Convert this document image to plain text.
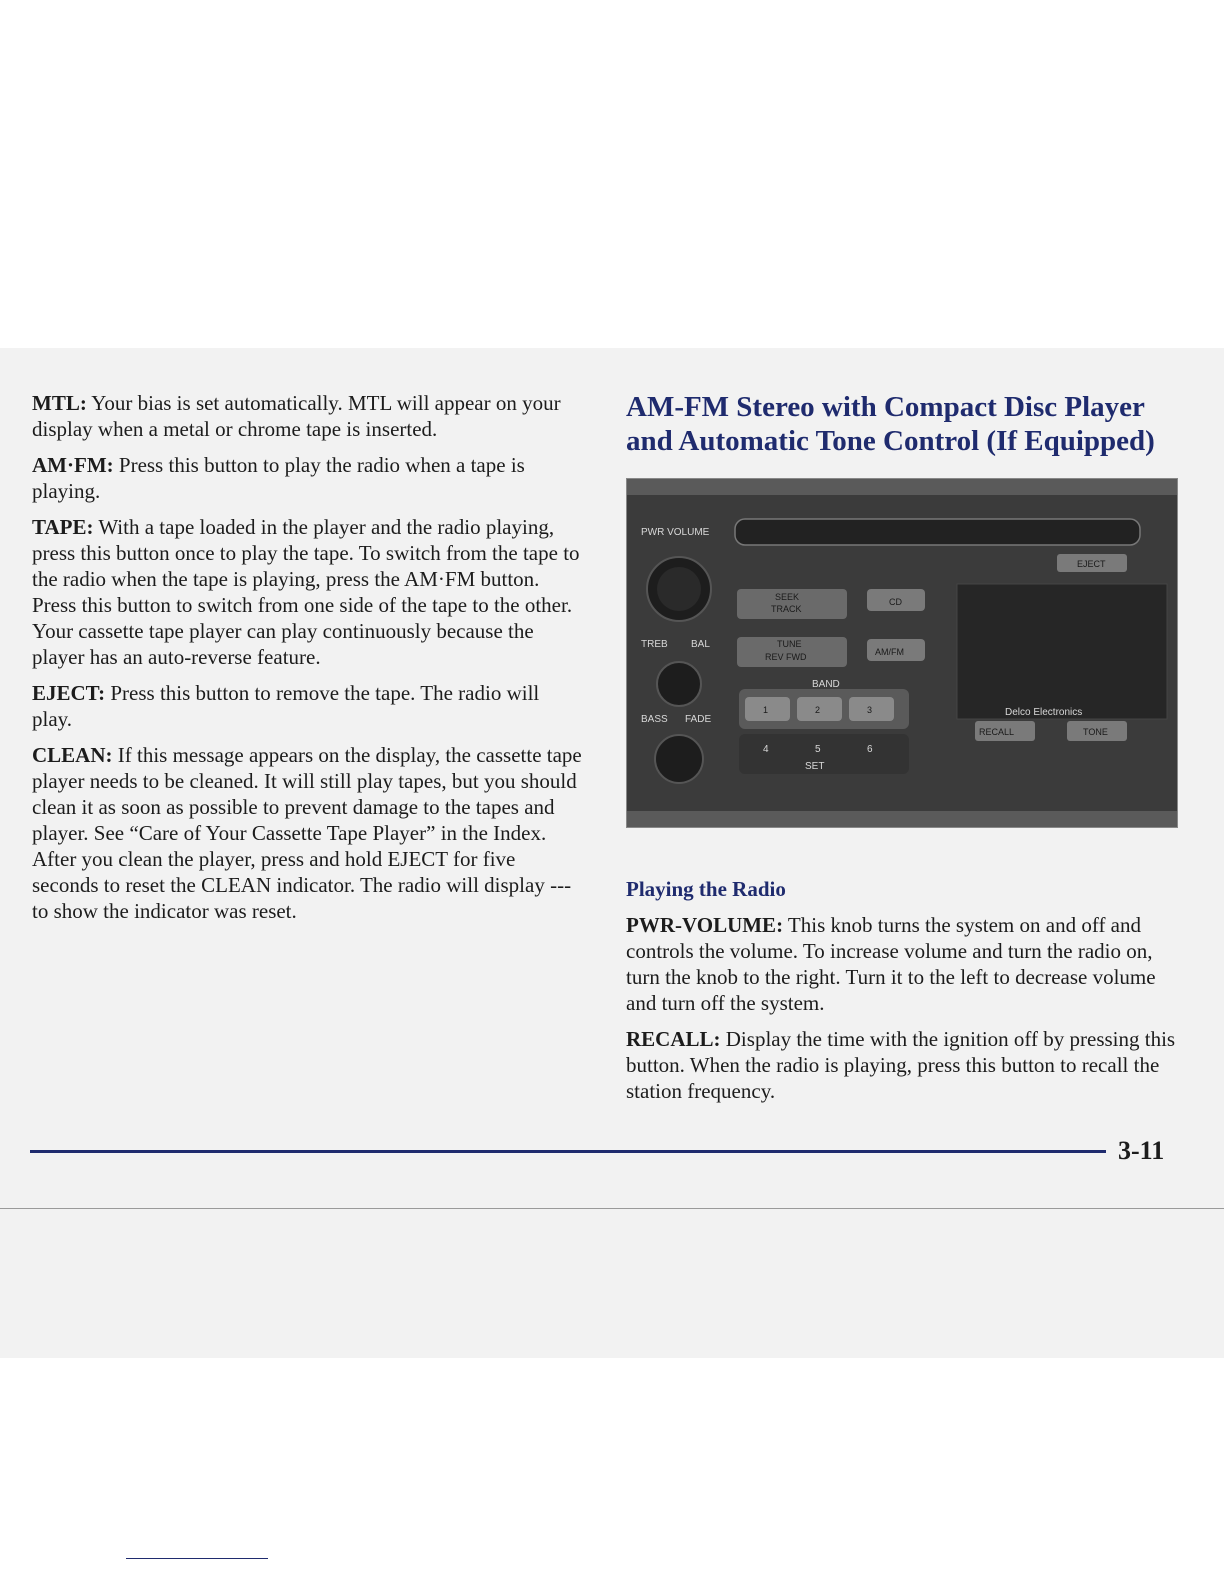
MTL: Your bias is set automatically. MTL will appear on your display when a metal or chrome tape is inserted.

AM·FM: Press this button to play the radio when a tape is playing.

TAPE: With a tape loaded in the player and the radio playing, press this button once to play the tape. To switch from the tape to the radio when the tape is playing, press the AM·FM button. Press this button to switch from one side of the tape to the other. Your cassette tape player can play continuously because the player has an auto-reverse feature.

EJECT: Press this button to remove the tape. The radio will play.

CLEAN: If this message appears on the display, the cassette tape player needs to be cleaned. It will still play tapes, but you should clean it as soon as possible to prevent damage to the tapes and player. See “Care of Your Cassette Tape Player” in the Index. After you clean the player, press and hold EJECT for five seconds to reset the CLEAN indicator. The radio will display --- to show the indicator was reset.

AM-FM Stereo with Compact Disc Player and Automatic Tone Control (If Equipped)
PWR VOLUME
EJECT
SEEK
TRACK
CD
TREB BAL	TUNE
REV FWD	AM/FM
BAND
BASS FADE
1	2	3
4	5	6
SET
Delco Electronics
RECALL	TONE

Playing the Radio

PWR-VOLUME: This knob turns the system on and off and controls the volume. To increase volume and turn the radio on, turn the knob to the right. Turn it to the left to decrease volume and turn off the system.

RECALL: Display the time with the ignition off by pressing this button. When the radio is playing, press this button to recall the station frequency.

3-11
